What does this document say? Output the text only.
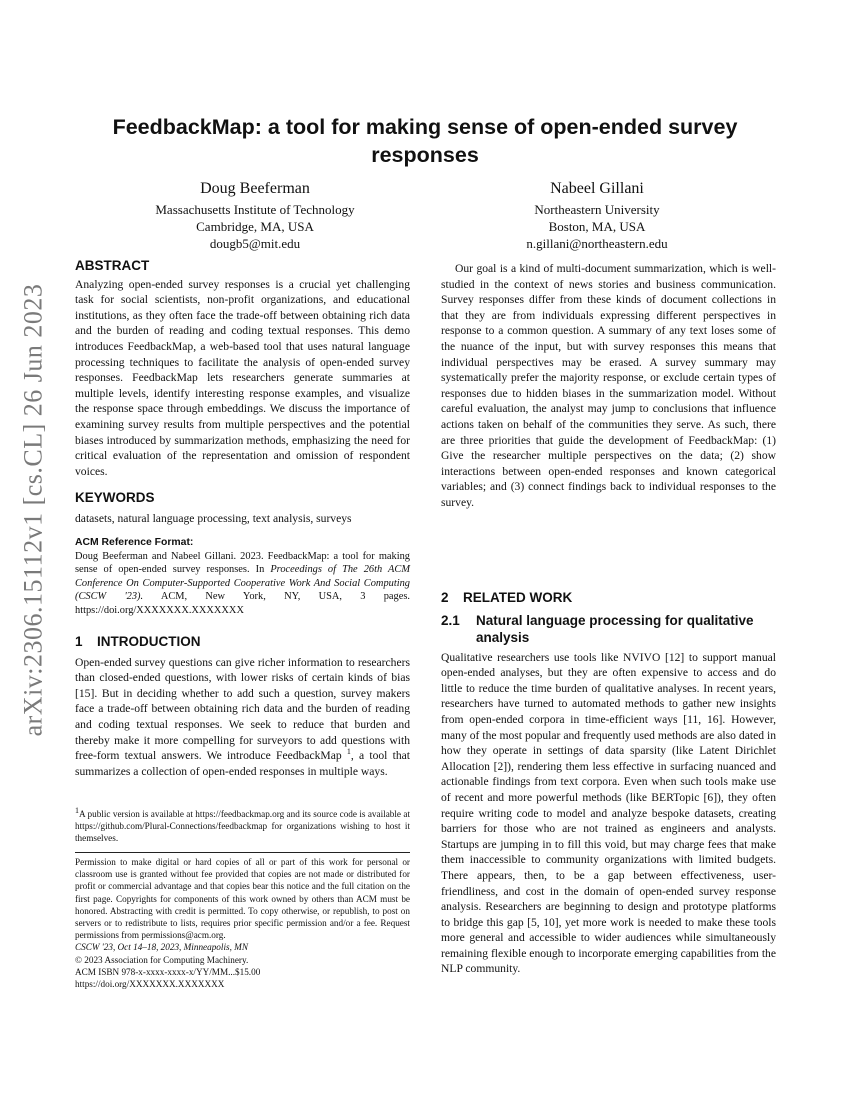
arXiv:2306.15112v1 [cs.CL] 26 Jun 2023
FeedbackMap: a tool for making sense of open-ended survey responses
Doug Beeferman
Massachusetts Institute of Technology
Cambridge, MA, USA
dougb5@mit.edu
Nabeel Gillani
Northeastern University
Boston, MA, USA
n.gillani@northeastern.edu
ABSTRACT

Analyzing open-ended survey responses is a crucial yet challenging task for social scientists, non-profit organizations, and educational institutions, as they often face the trade-off between obtaining rich data and the burden of reading and coding textual responses. This demo introduces FeedbackMap, a web-based tool that uses natural language processing techniques to facilitate the analysis of open-ended survey responses. FeedbackMap lets researchers generate summaries at multiple levels, identify interesting response examples, and visualize the response space through embeddings. We discuss the importance of examining survey results from multiple perspectives and the potential biases introduced by summarization methods, emphasizing the need for critical evaluation of the representation and omission of respondent voices.

KEYWORDS

datasets, natural language processing, text analysis, surveys

ACM Reference Format:

Doug Beeferman and Nabeel Gillani. 2023. FeedbackMap: a tool for making sense of open-ended survey responses. In Proceedings of The 26th ACM Conference On Computer-Supported Cooperative Work And Social Computing (CSCW '23). ACM, New York, NY, USA, 3 pages. https://doi.org/XXXXXXX.XXXXXXX

1 INTRODUCTION

Open-ended survey questions can give richer information to researchers than closed-ended questions, with lower risks of certain kinds of bias [15]. But in deciding whether to add such a question, survey makers face a trade-off between obtaining rich data and the burden of reading and coding textual responses. We seek to reduce that burden and thereby make it more compelling for surveyors to add questions with free-form textual answers. We introduce FeedbackMap $^1$, a tool that summarizes a collection of open-ended responses in multiple ways.

$^1$A public version is available at https://feedbackmap.org and its source code is available at https://github.com/Plural-Connections/feedbackmap for organizations wishing to host it themselves.

Permission to make digital or hard copies of all or part of this work for personal or classroom use is granted without fee provided that copies are not made or distributed for profit or commercial advantage and that copies bear this notice and the full citation on the first page. Copyrights for components of this work owned by others than ACM must be honored. Abstracting with credit is permitted. To copy otherwise, or republish, to post on servers or to redistribute to lists, requires prior specific permission and/or a fee. Request permissions from permissions@acm.org.

CSCW '23, Oct 14–18, 2023, Minneapolis, MN
© 2023 Association for Computing Machinery.
ACM ISBN 978-x-xxxx-xxxx-x/YY/MM...$15.00
https://doi.org/XXXXXXX.XXXXXXX

Our goal is a kind of multi-document summarization, which is well-studied in the context of news stories and business communication. Survey responses differ from these kinds of document collections in that they are from individuals expressing different perspectives in response to a common question. A summary of any text loses some of the nuance of the input, but with survey responses this means that individual perspectives may be erased. A survey summary may systematically prefer the majority response, or exclude certain types of responses due to hidden biases in the summarization model. Without careful evaluation, the analyst may jump to conclusions that influence actions taken on behalf of the communities they serve. As such, there are three priorities that guide the development of FeedbackMap: (1) Give the researcher multiple perspectives on the data; (2) show interactions between open-ended responses and known categorical variables; and (3) connect findings back to individual responses to the survey.

2 RELATED WORK
2.1	Natural language processing for qualitative analysis

Qualitative researchers use tools like NVIVO [12] to support manual open-ended analyses, but they are often expensive to access and do little to reduce the time burden of qualitative analyses. In recent years, researchers have turned to automated methods to gather new insights from open-ended corpora in time-efficient ways [11, 16]. However, many of the most popular and frequently used methods are also dated in how they operate in settings of data sparsity (like Latent Dirichlet Allocation [2]), rendering them less effective in surfacing nuanced and actionable findings from text corpora. Even when such tools make use of recent and more powerful methods (like BERTopic [6]), they often require writing code to model and analyze bespoke datasets, creating barriers for those who are not trained as engineers and analysts. Startups are jumping in to fill this void, but may charge fees that make them inaccessible to community organizations with limited budgets. There appears, then, to be a gap between effectiveness, user-friendliness, and cost in the domain of open-ended survey response analysis. Researchers are beginning to design and prototype platforms to bridge this gap [5, 10], yet more work is needed to make these tools more general and accessible to wider audiences while simultaneously remaining flexible enough to incorporate emerging capabilities from the NLP community.
